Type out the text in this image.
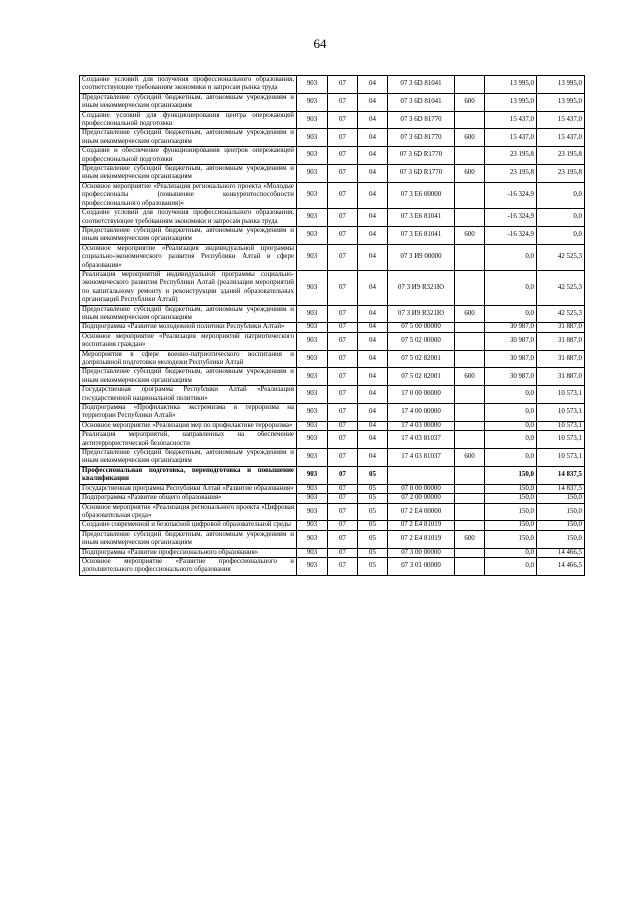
64
Создание условий для получения профессионального образования, соответствующее требованиям экономики и запросам рынка труда	903	07	04	07 3 6D 81041		13 995,0	13 995,0
Предоставление субсидий бюджетным, автономным учреждениям и иным некоммерческим организациям	903	07	04	07 3 6D 81041	600	13 995,0	13 995,0
Создание условий для функционирования центра опережающей профессиональной подготовки	903	07	04	07 3 6D 81770		15 437,0	15 437,0
Предоставление субсидий бюджетным, автономным учреждениям и иным некоммерческим организациям	903	07	04	07 3 6D 81770	600	15 437,0	15 437,0
Создание и обеспечение функционирования центров опережающей профессиональной подготовки	903	07	04	07 3 6D R1770		23 195,8	23 195,8
Предоставление субсидий бюджетным, автономным учреждениям и иным некоммерческим организациям	903	07	04	07 3 6D R1770	600	23 195,8	23 195,8
Основное мероприятие «Реализация регионального проекта «Молодые профессионалы (повышение конкурентоспособности профессионального образования)»	903	07	04	07 3 E6 00000		-16 324,9	0,0
Создание условий для получения профессионального образования, соответствующее требованиям экономики и запросам рынка труда	903	07	04	07 3 E6 81041		-16 324,9	0,0
Предоставление субсидий бюджетным, автономным учреждениям и иным некоммерческим организациям	903	07	04	07 3 E6 81041	600	-16 324,9	0,0
Основное мероприятие «Реализация индивидуальной программы социально-экономического развития Республики Алтай в сфере образования»	903	07	04	07 3 И9 00000		0,0	42 525,3
Реализация мероприятий индивидуальной программы социально-экономического развития Республики Алтай (реализация мероприятий по капитальному ремонту и реконструкции зданий образовательных организаций Республики Алтай)	903	07	04	07 3 И9 R321Ю		0,0	42 525,3
Предоставление субсидий бюджетным, автономным учреждениям и иным некоммерческим организациям	903	07	04	07 3 И9 R321Ю	600	0,0	42 525,3
Подпрограмма «Развитие молодежной политики Республики Алтай»	903	07	04	07 5 00 00000		30 987,0	31 887,0
Основное мероприятие «Реализация мероприятий патриотического воспитания граждан»	903	07	04	07 5 02 00000		30 987,0	31 887,0
Мероприятия в сфере военно-патриотического воспитания и допризывной подготовки молодежи Республики Алтай	903	07	04	07 5 02 82001		30 987,0	31 887,0
Предоставление субсидий бюджетным, автономным учреждениям и иным некоммерческим организациям	903	07	04	07 5 02 82001	600	30 987,0	31 887,0
Государственная программа Республики Алтай «Реализация государственной национальной политики»	903	07	04	17 0 00 00000		0,0	10 573,1
Подпрограмма «Профилактика экстремизма и терроризма на территории Республики Алтай»	903	07	04	17 4 00 00000		0,0	10 573,1
Основное мероприятие «Реализация мер по профилактике терроризма»	903	07	04	17 4 03 00000		0,0	10 573,1
Реализация мероприятий, направленных на обеспечение антитеррористической безопасности	903	07	04	17 4 03 81037		0,0	10 573,1
Предоставление субсидий бюджетным, автономным учреждениям и иным некоммерческим организациям	903	07	04	17 4 03 81037	600	0,0	10 573,1
Профессиональная подготовка, переподготовка и повышение квалификации	903	07	05			150,0	14 837,5
Государственная программа Республики Алтай «Развитие образования»	903	07	05	07 0 00 00000		150,0	14 837,5
Подпрограмма «Развитие общего образования»	903	07	05	07 2 00 00000		150,0	150,0
Основное мероприятие «Реализация регионального проекта «Цифровая образовательная среда»	903	07	05	07 2 E4 00000		150,0	150,0
Создание современной и безопасной цифровой образовательной среды	903	07	05	07 2 E4 81019		150,0	150,0
Предоставление субсидий бюджетным, автономным учреждениям и иным некоммерческим организациям	903	07	05	07 2 E4 81019	600	150,0	150,0
Подпрограмма «Развитие профессионального образования»	903	07	05	07 3 00 00000		0,0	14 466,5
Основное мероприятие «Развитие профессионального и дополнительного профессионального образования	903	07	05	07 3 01 00000		0,0	14 466,5
